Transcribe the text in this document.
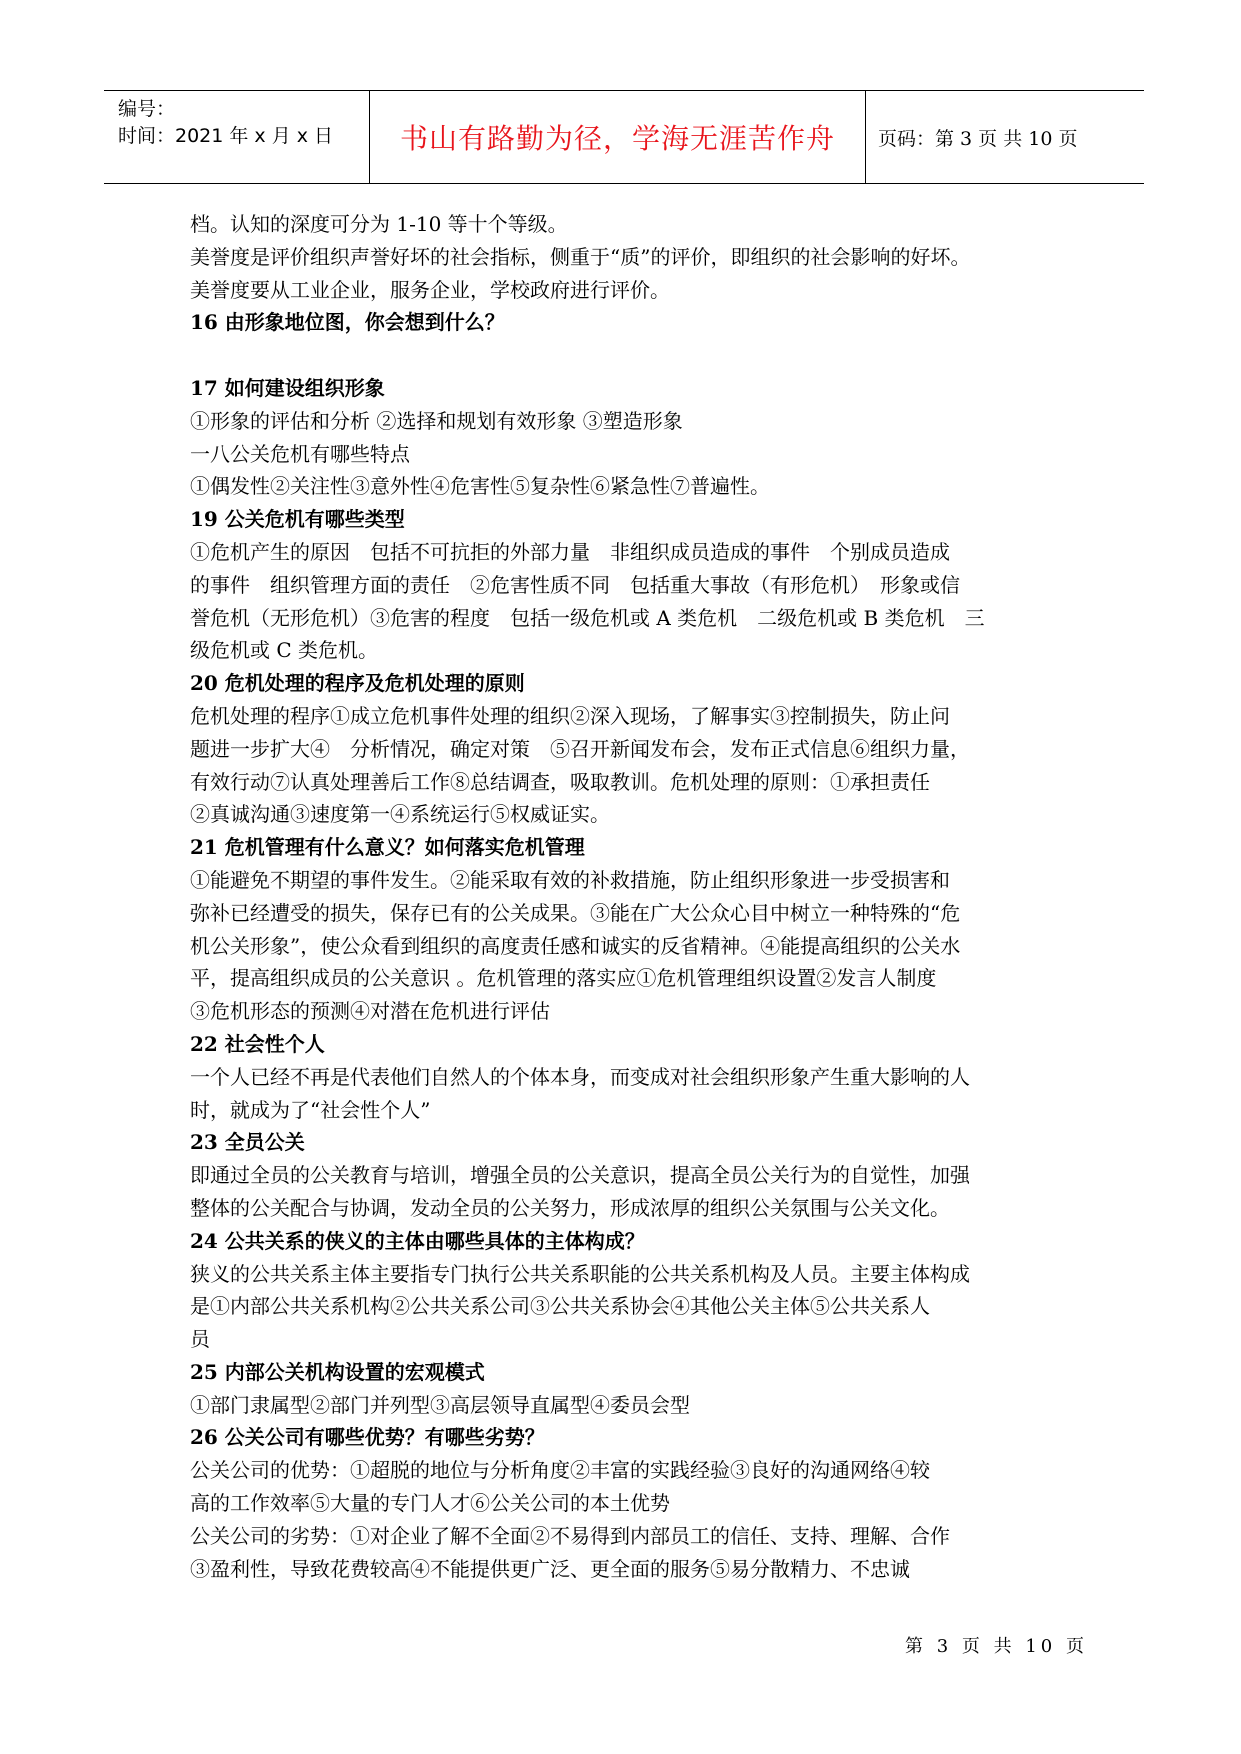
编号：
时间：2021 年 x 月 x 日	书山有路勤为径，学海无涯苦作舟	页码：第 3 页 共 10 页

档。认知的深度可分为 1-10 等十个等级。

美誉度是评价组织声誉好坏的社会指标，侧重于“质”的评价，即组织的社会影响的好坏。

美誉度要从工业企业，服务企业，学校政府进行评价。

16 由形象地位图，你会想到什么？

17 如何建设组织形象

①形象的评估和分析 ②选择和规划有效形象 ③塑造形象

一八公关危机有哪些特点

①偶发性②关注性③意外性④危害性⑤复杂性⑥紧急性⑦普遍性。

19 公关危机有哪些类型

①危机产生的原因　包括不可抗拒的外部力量　非组织成员造成的事件　个别成员造成

的事件　组织管理方面的责任　②危害性质不同　包括重大事故（有形危机）　形象或信

誉危机（无形危机）③危害的程度　包括一级危机或 A 类危机　二级危机或 B 类危机　三

级危机或 C 类危机。

20 危机处理的程序及危机处理的原则

危机处理的程序①成立危机事件处理的组织②深入现场，了解事实③控制损失，防止问

题进一步扩大④　分析情况，确定对策　⑤召开新闻发布会，发布正式信息⑥组织力量，

有效行动⑦认真处理善后工作⑧总结调查，吸取教训。危机处理的原则：①承担责任

②真诚沟通③速度第一④系统运行⑤权威证实。

21 危机管理有什么意义？如何落实危机管理

①能避免不期望的事件发生。②能采取有效的补救措施，防止组织形象进一步受损害和

弥补已经遭受的损失，保存已有的公关成果。③能在广大公众心目中树立一种特殊的“危

机公关形象”，使公众看到组织的高度责任感和诚实的反省精神。④能提高组织的公关水

平，提高组织成员的公关意识 。危机管理的落实应①危机管理组织设置②发言人制度

③危机形态的预测④对潜在危机进行评估

22 社会性个人

一个人已经不再是代表他们自然人的个体本身，而变成对社会组织形象产生重大影响的人

时，就成为了“社会性个人”

23 全员公关

即通过全员的公关教育与培训，增强全员的公关意识，提高全员公关行为的自觉性，加强

整体的公关配合与协调，发动全员的公关努力，形成浓厚的组织公关氛围与公关文化。

24 公共关系的侠义的主体由哪些具体的主体构成？

狭义的公共关系主体主要指专门执行公共关系职能的公共关系机构及人员。主要主体构成

是①内部公共关系机构②公共关系公司③公共关系协会④其他公关主体⑤公共关系人

员

25 内部公关机构设置的宏观模式

①部门隶属型②部门并列型③高层领导直属型④委员会型

26 公关公司有哪些优势？有哪些劣势？

公关公司的优势：①超脱的地位与分析角度②丰富的实践经验③良好的沟通网络④较

高的工作效率⑤大量的专门人才⑥公关公司的本土优势

公关公司的劣势：①对企业了解不全面②不易得到内部员工的信任、支持、理解、合作

③盈利性，导致花费较高④不能提供更广泛、更全面的服务⑤易分散精力、不忠诚

第 3 页 共 10 页
